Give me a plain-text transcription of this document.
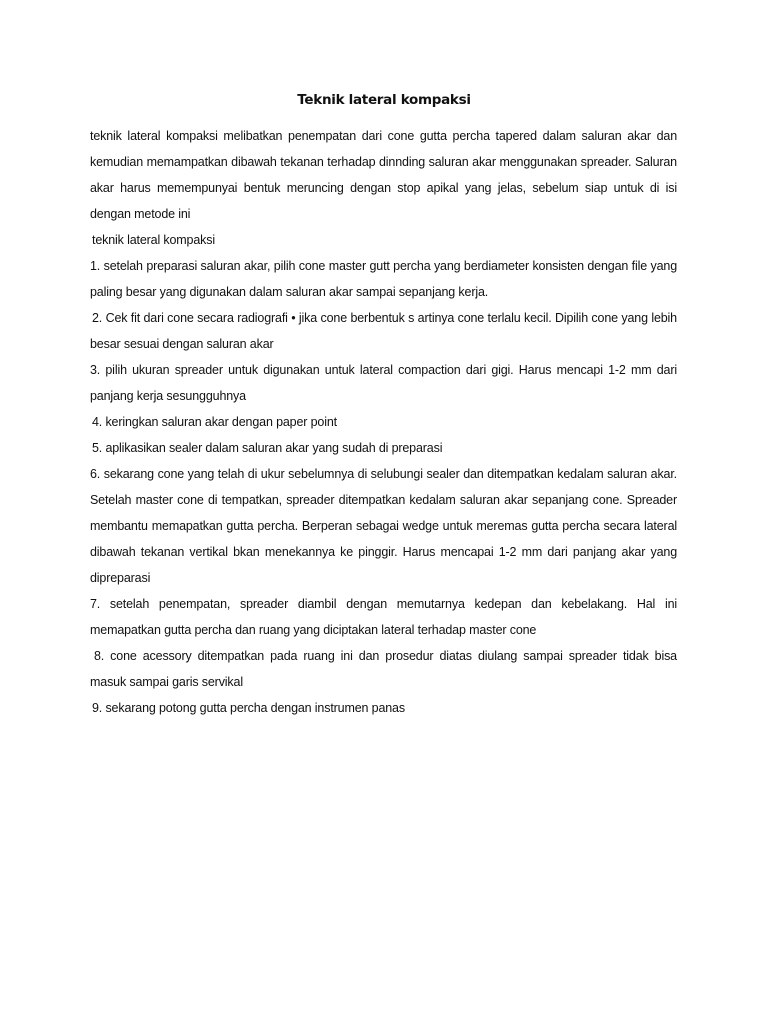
Teknik lateral kompaksi

teknik lateral kompaksi melibatkan penempatan dari cone gutta percha tapered dalam saluran akar dan kemudian memampatkan dibawah tekanan terhadap dinnding saluran akar menggunakan spreader. Saluran akar harus memempunyai bentuk meruncing dengan stop apikal yang jelas, sebelum siap untuk di isi dengan metode ini

teknik lateral kompaksi

1. setelah preparasi saluran akar, pilih cone master gutt percha yang berdiameter konsisten dengan file yang paling besar yang digunakan dalam saluran akar sampai sepanjang kerja.

2. Cek fit dari cone secara radiografi • jika cone berbentuk s artinya cone terlalu kecil. Dipilih cone yang lebih besar sesuai dengan saluran akar

3. pilih ukuran spreader untuk digunakan untuk lateral compaction dari gigi. Harus mencapi 1-2 mm dari panjang kerja sesungguhnya

4. keringkan saluran akar dengan paper point

5. aplikasikan sealer dalam saluran akar yang sudah di preparasi

6. sekarang cone yang telah di ukur sebelumnya di selubungi sealer dan ditempatkan kedalam saluran akar. Setelah master cone di tempatkan, spreader ditempatkan kedalam saluran akar sepanjang cone. Spreader membantu memapatkan gutta percha. Berperan sebagai wedge untuk meremas gutta percha secara lateral dibawah tekanan vertikal bkan menekannya ke pinggir. Harus mencapai 1-2 mm dari panjang akar yang dipreparasi

7. setelah penempatan, spreader diambil dengan memutarnya kedepan dan kebelakang. Hal ini memapatkan gutta percha dan ruang yang diciptakan lateral terhadap master cone

8. cone acessory ditempatkan pada ruang ini dan prosedur diatas diulang sampai spreader tidak bisa masuk sampai garis servikal

9. sekarang potong gutta percha dengan instrumen panas
